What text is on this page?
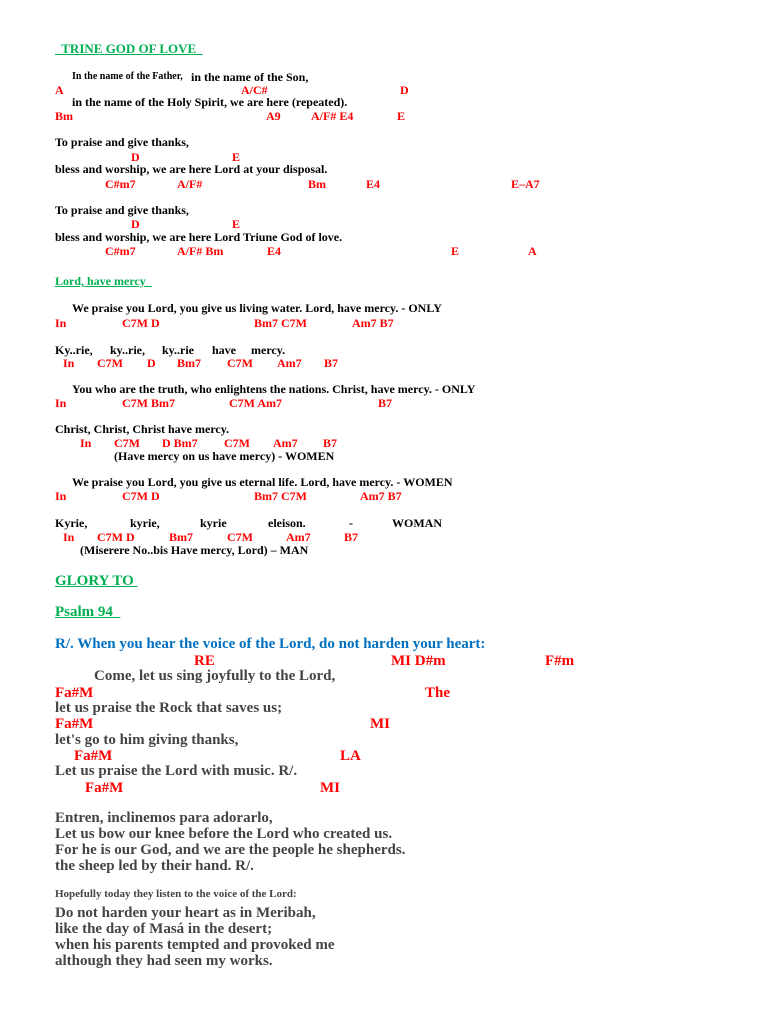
TRINE GOD OF LOVE
In the name of the Father, in the name of the Son,
A	A/C#	D
in the name of the Holy Spirit, we are here (repeated).
Bm	A9	A/F# E4	E
To praise and give thanks,
D	E
bless and worship, we are here Lord at your disposal.
C#m7	A/F#	Bm	E4	E–A7
To praise and give thanks,
D	E
bless and worship, we are here Lord Triune God of love.
C#m7	A/F# Bm	E4	E	A
Lord, have mercy
We praise you Lord, you give us living water. Lord, have mercy. - ONLY
In	C7M D	Bm7 C7M	Am7 B7
Ky..rie, ky..rie, ky..rie have mercy.
In C7M D Bm7 C7M Am7 B7
You who are the truth, who enlightens the nations. Christ, have mercy. - ONLY
In	C7M Bm7	C7M Am7	B7
Christ, Christ, Christ have mercy.
In C7M D Bm7 C7M Am7 B7
(Have mercy on us have mercy) - WOMEN
We praise you Lord, you give us eternal life. Lord, have mercy. - WOMEN
In	C7M D	Bm7 C7M	Am7 B7
Kyrie,	kyrie,	kyrie	eleison.	-	WOMAN
In C7M D	Bm7	C7M	Am7	B7
(Miserere No..bis Have mercy, Lord) – MAN
GLORY TO
Psalm 94
R/. When you hear the voice of the Lord, do not harden your heart:
RE	MI D#m	F#m
Come, let us sing joyfully to the Lord,
Fa#M	The
let us praise the Rock that saves us;
Fa#M	MI
let's go to him giving thanks,
Fa#M	LA
Let us praise the Lord with music. R/.
Fa#M	MI
Entren, inclinemos para adorarlo,
Let us bow our knee before the Lord who created us.
For he is our God, and we are the people he shepherds.
the sheep led by their hand. R/.
Hopefully today they listen to the voice of the Lord:
Do not harden your heart as in Meribah,
like the day of Masá in the desert;
when his parents tempted and provoked me
although they had seen my works.
